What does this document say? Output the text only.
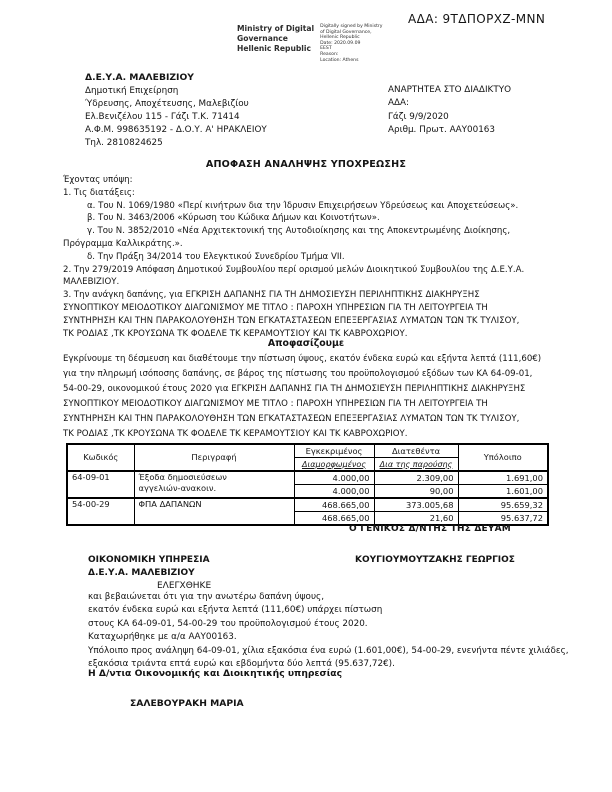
ΑΔΑ: 9ΤΔΠΟΡΧΖ-ΜΝΝ
Ministry of Digital
Governance
Hellenic Republic
Digitally signed by Ministry
of Digital Governance,
Hellenic Republic
Date: 2020.09.09
EEST
Reason:
Location: Athens
Δ.Ε.Υ.Α. ΜΑΛΕΒΙΖΙΟΥ
Δημοτική Επιχείρηση
Ύδρευσης, Αποχέτευσης, Μαλεβιζίου
Ελ.Βενιζέλου 115 - Γάζι Τ.Κ. 71414
Α.Φ.Μ. 998635192 - Δ.Ο.Υ. Α' ΗΡΑΚΛΕΙΟΥ
Τηλ. 2810824625
ΑΝΑΡΤΗΤΕΑ ΣΤΟ ΔΙΑΔΙΚΤΥΟ
ΑΔΑ:
Γάζι 9/9/2020
Αριθμ. Πρωτ. ΑΑΥ00163
ΑΠΟΦΑΣΗ ΑΝΑΛΗΨΗΣ ΥΠΟΧΡΕΩΣΗΣ
Έχοντας υπόψη:
1. Τις διατάξεις:
α. Του Ν. 1069/1980 «Περί κινήτρων δια την Ίδρυσιν Επιχειρήσεων Υδρεύσεως και Αποχετεύσεως».
β. Του Ν. 3463/2006 «Κύρωση του Κώδικα Δήμων και Κοινοτήτων».
γ. Του Ν. 3852/2010 «Νέα Αρχιτεκτονική της Αυτοδιοίκησης και της Αποκεντρωμένης Διοίκησης,
Πρόγραμμα Καλλικράτης.».
δ. Την Πράξη 34/2014 του Ελεγκτικού Συνεδρίου Τμήμα VII.
2. Την 279/2019 Απόφαση Δημοτικού Συμβουλίου περί ορισμού μελών Διοικητικού Συμβουλίου της Δ.Ε.Υ.Α.
ΜΑΛΕΒΙΖΙΟΥ.
3. Την ανάγκη δαπάνης, για ΕΓΚΡΙΣΗ ΔΑΠΑΝΗΣ ΓΙΑ ΤΗ ΔΗΜΟΣΙΕΥΣΗ ΠΕΡΙΛΗΠΤΙΚΗΣ ΔΙΑΚΗΡΥΞΗΣ
ΣΥΝΟΠΤΙΚΟΥ ΜΕΙΟΔΟΤΙΚΟΥ ΔΙΑΓΩΝΙΣΜΟΥ ΜΕ ΤΙΤΛΟ : ΠΑΡΟΧΗ ΥΠΗΡΕΣΙΩΝ ΓΙΑ ΤΗ ΛΕΙΤΟΥΡΓΕΙΑ ΤΗ
ΣΥΝΤΗΡΗΣΗ ΚΑΙ ΤΗΝ ΠΑΡΑΚΟΛΟΥΘΗΣΗ ΤΩΝ ΕΓΚΑΤΑΣΤΑΣΕΩΝ ΕΠΕΞΕΡΓΑΣΙΑΣ ΛΥΜΑΤΩΝ ΤΩΝ ΤΚ ΤΥΛΙΣΟΥ,
ΤΚ ΡΟΔΙΑΣ ,ΤΚ ΚΡΟΥΣΩΝΑ ΤΚ ΦΟΔΕΛΕ ΤΚ ΚΕΡΑΜΟΥΤΣΙΟΥ ΚΑΙ ΤΚ ΚΑΒΡΟΧΩΡΙΟΥ.
Αποφασίζουμε
Εγκρίνουμε τη δέσμευση και διαθέτουμε την πίστωση ύψους, εκατόν ένδεκα ευρώ και εξήντα λεπτά (111,60€)
για την πληρωμή ισόποσης δαπάνης, σε βάρος της πίστωσης του προϋπολογισμού εξόδων των ΚΑ 64-09-01,
54-00-29, οικονομικού έτους 2020 για ΕΓΚΡΙΣΗ ΔΑΠΑΝΗΣ ΓΙΑ ΤΗ ΔΗΜΟΣΙΕΥΣΗ ΠΕΡΙΛΗΠΤΙΚΗΣ ΔΙΑΚΗΡΥΞΗΣ
ΣΥΝΟΠΤΙΚΟΥ ΜΕΙΟΔΟΤΙΚΟΥ ΔΙΑΓΩΝΙΣΜΟΥ ΜΕ ΤΙΤΛΟ : ΠΑΡΟΧΗ ΥΠΗΡΕΣΙΩΝ ΓΙΑ ΤΗ ΛΕΙΤΟΥΡΓΕΙΑ ΤΗ
ΣΥΝΤΗΡΗΣΗ ΚΑΙ ΤΗΝ ΠΑΡΑΚΟΛΟΥΘΗΣΗ ΤΩΝ ΕΓΚΑΤΑΣΤΑΣΕΩΝ ΕΠΕΞΕΡΓΑΣΙΑΣ ΛΥΜΑΤΩΝ ΤΩΝ ΤΚ ΤΥΛΙΣΟΥ,
ΤΚ ΡΟΔΙΑΣ ,ΤΚ ΚΡΟΥΣΩΝΑ ΤΚ ΦΟΔΕΛΕ ΤΚ ΚΕΡΑΜΟΥΤΣΙΟΥ ΚΑΙ ΤΚ ΚΑΒΡΟΧΩΡΙΟΥ.
Κωδικός	Περιγραφή	Εγκεκριμένος	Διατεθέντα	Υπόλοιπο
		Διαμορφωμένος	Δια της παρούσης	
64-09-01	Έξοδα δημοσιεύσεων
αγγελιών-ανακοιν.	4.000,00	2.309,00	1.691,00
		4.000,00	90,00	1.601,00
54-00-29	ΦΠΑ ΔΑΠΑΝΩΝ	468.665,00	373.005,68	95.659,32
		468.665,00	21,60	95.637,72
Ο ΓΕΝΙΚΟΣ Δ/ΝΤΗΣ ΤΗΣ ΔΕΥΑΜ
ΟΙΚΟΝΟΜΙΚΗ ΥΠΗΡΕΣΙΑ	ΚΟΥΓΙΟΥΜΟΥΤΖΑΚΗΣ ΓΕΩΡΓΙΟΣ
Δ.Ε.Υ.Α. ΜΑΛΕΒΙΖΙΟΥ
ΕΛΕΓΧΘΗΚΕ
και βεβαιώνεται ότι για την ανωτέρω δαπάνη ύψους,
εκατόν ένδεκα ευρώ και εξήντα λεπτά (111,60€) υπάρχει πίστωση
στους ΚΑ 64-09-01, 54-00-29 του προϋπολογισμού έτους 2020.
Καταχωρήθηκε με α/α ΑΑΥ00163.
Υπόλοιπο προς ανάληψη 64-09-01, χίλια εξακόσια ένα ευρώ (1.601,00€), 54-00-29, ενενήντα πέντε χιλιάδες,
εξακόσια τριάντα επτά ευρώ και εβδομήντα δύο λεπτά (95.637,72€).
Η Δ/ντια Οικονομικής και Διοικητικής υπηρεσίας
ΣΑΛΕΒΟΥΡΑΚΗ ΜΑΡΙΑ
